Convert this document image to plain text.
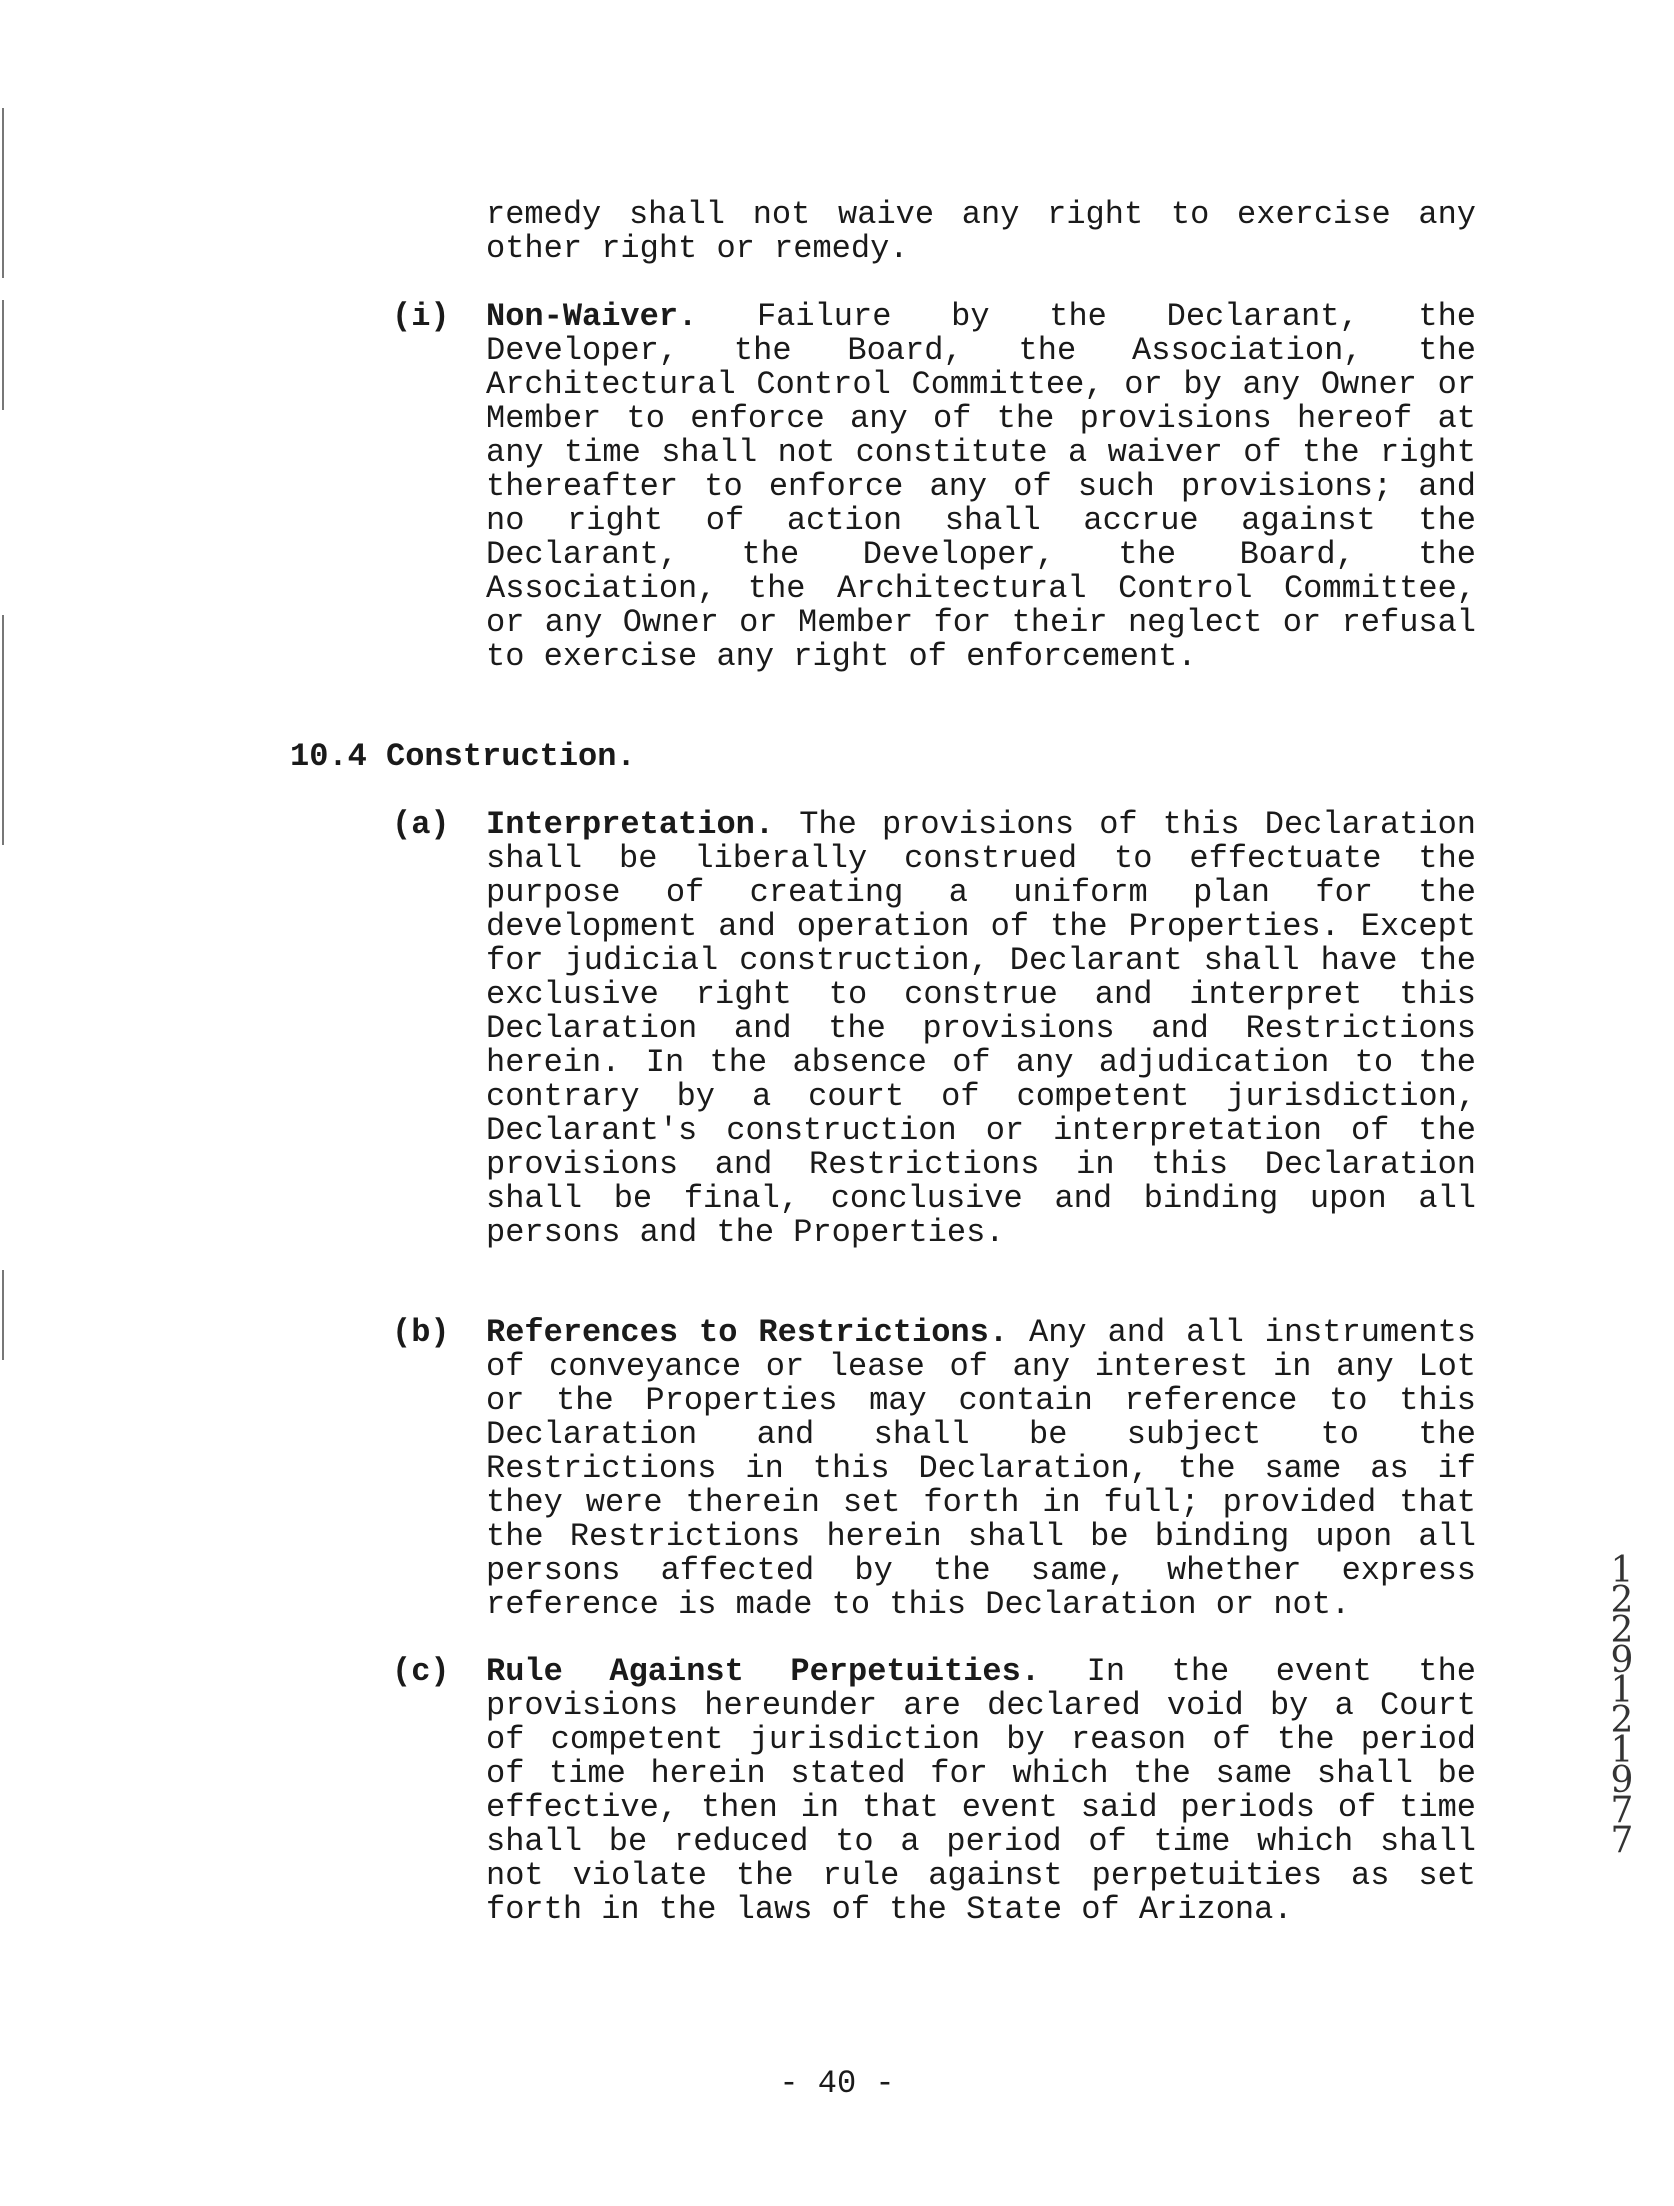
remedy shall not waive any right to exercise any other right or remedy.
(i) Non-Waiver. Failure by the Declarant, the Developer, the Board, the Association, the Architectural Control Committee, or by any Owner or Member to enforce any of the provisions hereof at any time shall not constitute a waiver of the right thereafter to enforce any of such provisions; and no right of action shall accrue against the Declarant, the Developer, the Board, the Association, the Architectural Control Committee, or any Owner or Member for their neglect or refusal to exercise any right of enforcement.
10.4 Construction.
(a) Interpretation. The provisions of this Declaration shall be liberally construed to effectuate the purpose of creating a uniform plan for the development and operation of the Properties. Except for judicial construction, Declarant shall have the exclusive right to construe and interpret this Declaration and the provisions and Restrictions herein. In the absence of any adjudication to the contrary by a court of competent jurisdiction, Declarant's construction or interpretation of the provisions and Restrictions in this Declaration shall be final, conclusive and binding upon all persons and the Properties.
(b) References to Restrictions. Any and all instruments of conveyance or lease of any interest in any Lot or the Properties may contain reference to this Declaration and shall be subject to the Restrictions in this Declaration, the same as if they were therein set forth in full; provided that the Restrictions herein shall be binding upon all persons affected by the same, whether express reference is made to this Declaration or not.
(c) Rule Against Perpetuities. In the event the provisions hereunder are declared void by a Court of competent jurisdiction by reason of the period of time herein stated for which the same shall be effective, then in that event said periods of time shall be reduced to a period of time which shall not violate the rule against perpetuities as set forth in the laws of the State of Arizona.
122912 1977
- 40 -
